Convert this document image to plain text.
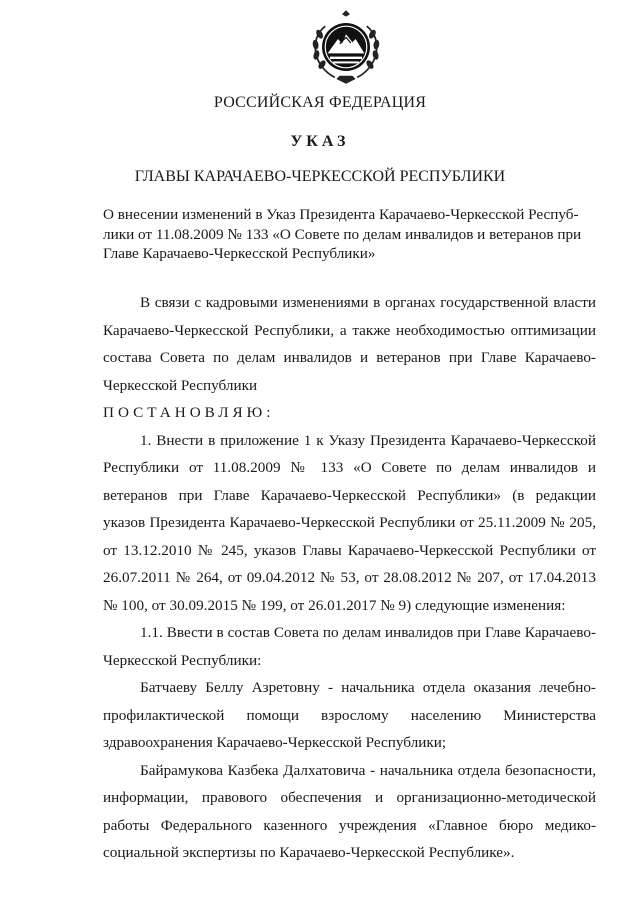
РОССИЙСКАЯ ФЕДЕРАЦИЯ
УКАЗ
ГЛАВЫ КАРАЧАЕВО-ЧЕРКЕССКОЙ РЕСПУБЛИКИ
О внесении изменений в Указ Президента Карачаево-Черкесской Респуб-
лики от 11.08.2009 № 133 «О Совете по делам инвалидов и ветеранов при
Главе Карачаево-Черкесской Республики»

В связи с кадровыми изменениями в органах государственной власти Карачаево-Черкесской Республики, а также необходимостью оптимизации состава Совета по делам инвалидов и ветеранов при Главе Карачаево-Черкесской Республики

ПОСТАНОВЛЯЮ:

1. Внести в приложение 1 к Указу Президента Карачаево-Черкесской Республики от 11.08.2009 № 133 «О Совете по делам инвалидов и ветеранов при Главе Карачаево-Черкесской Республики» (в редакции указов Президента Карачаево-Черкесской Республики от 25.11.2009 № 205, от 13.12.2010 № 245, указов Главы Карачаево-Черкесской Республики от 26.07.2011 № 264, от 09.04.2012 № 53, от 28.08.2012 № 207, от 17.04.2013 № 100, от 30.09.2015 № 199, от 26.01.2017 № 9) следующие изменения:

1.1. Ввести в состав Совета по делам инвалидов при Главе Карачаево-Черкесской Республики:

Батчаеву Беллу Азретовну - начальника отдела оказания лечебно-профилактической помощи взрослому населению Министерства здравоохранения Карачаево-Черкесской Республики;

Байрамукова Казбека Далхатовича - начальника отдела безопасности, информации, правового обеспечения и организационно-методической работы Федерального казенного учреждения «Главное бюро медико-социальной экспертизы по Карачаево-Черкесской Республике».
